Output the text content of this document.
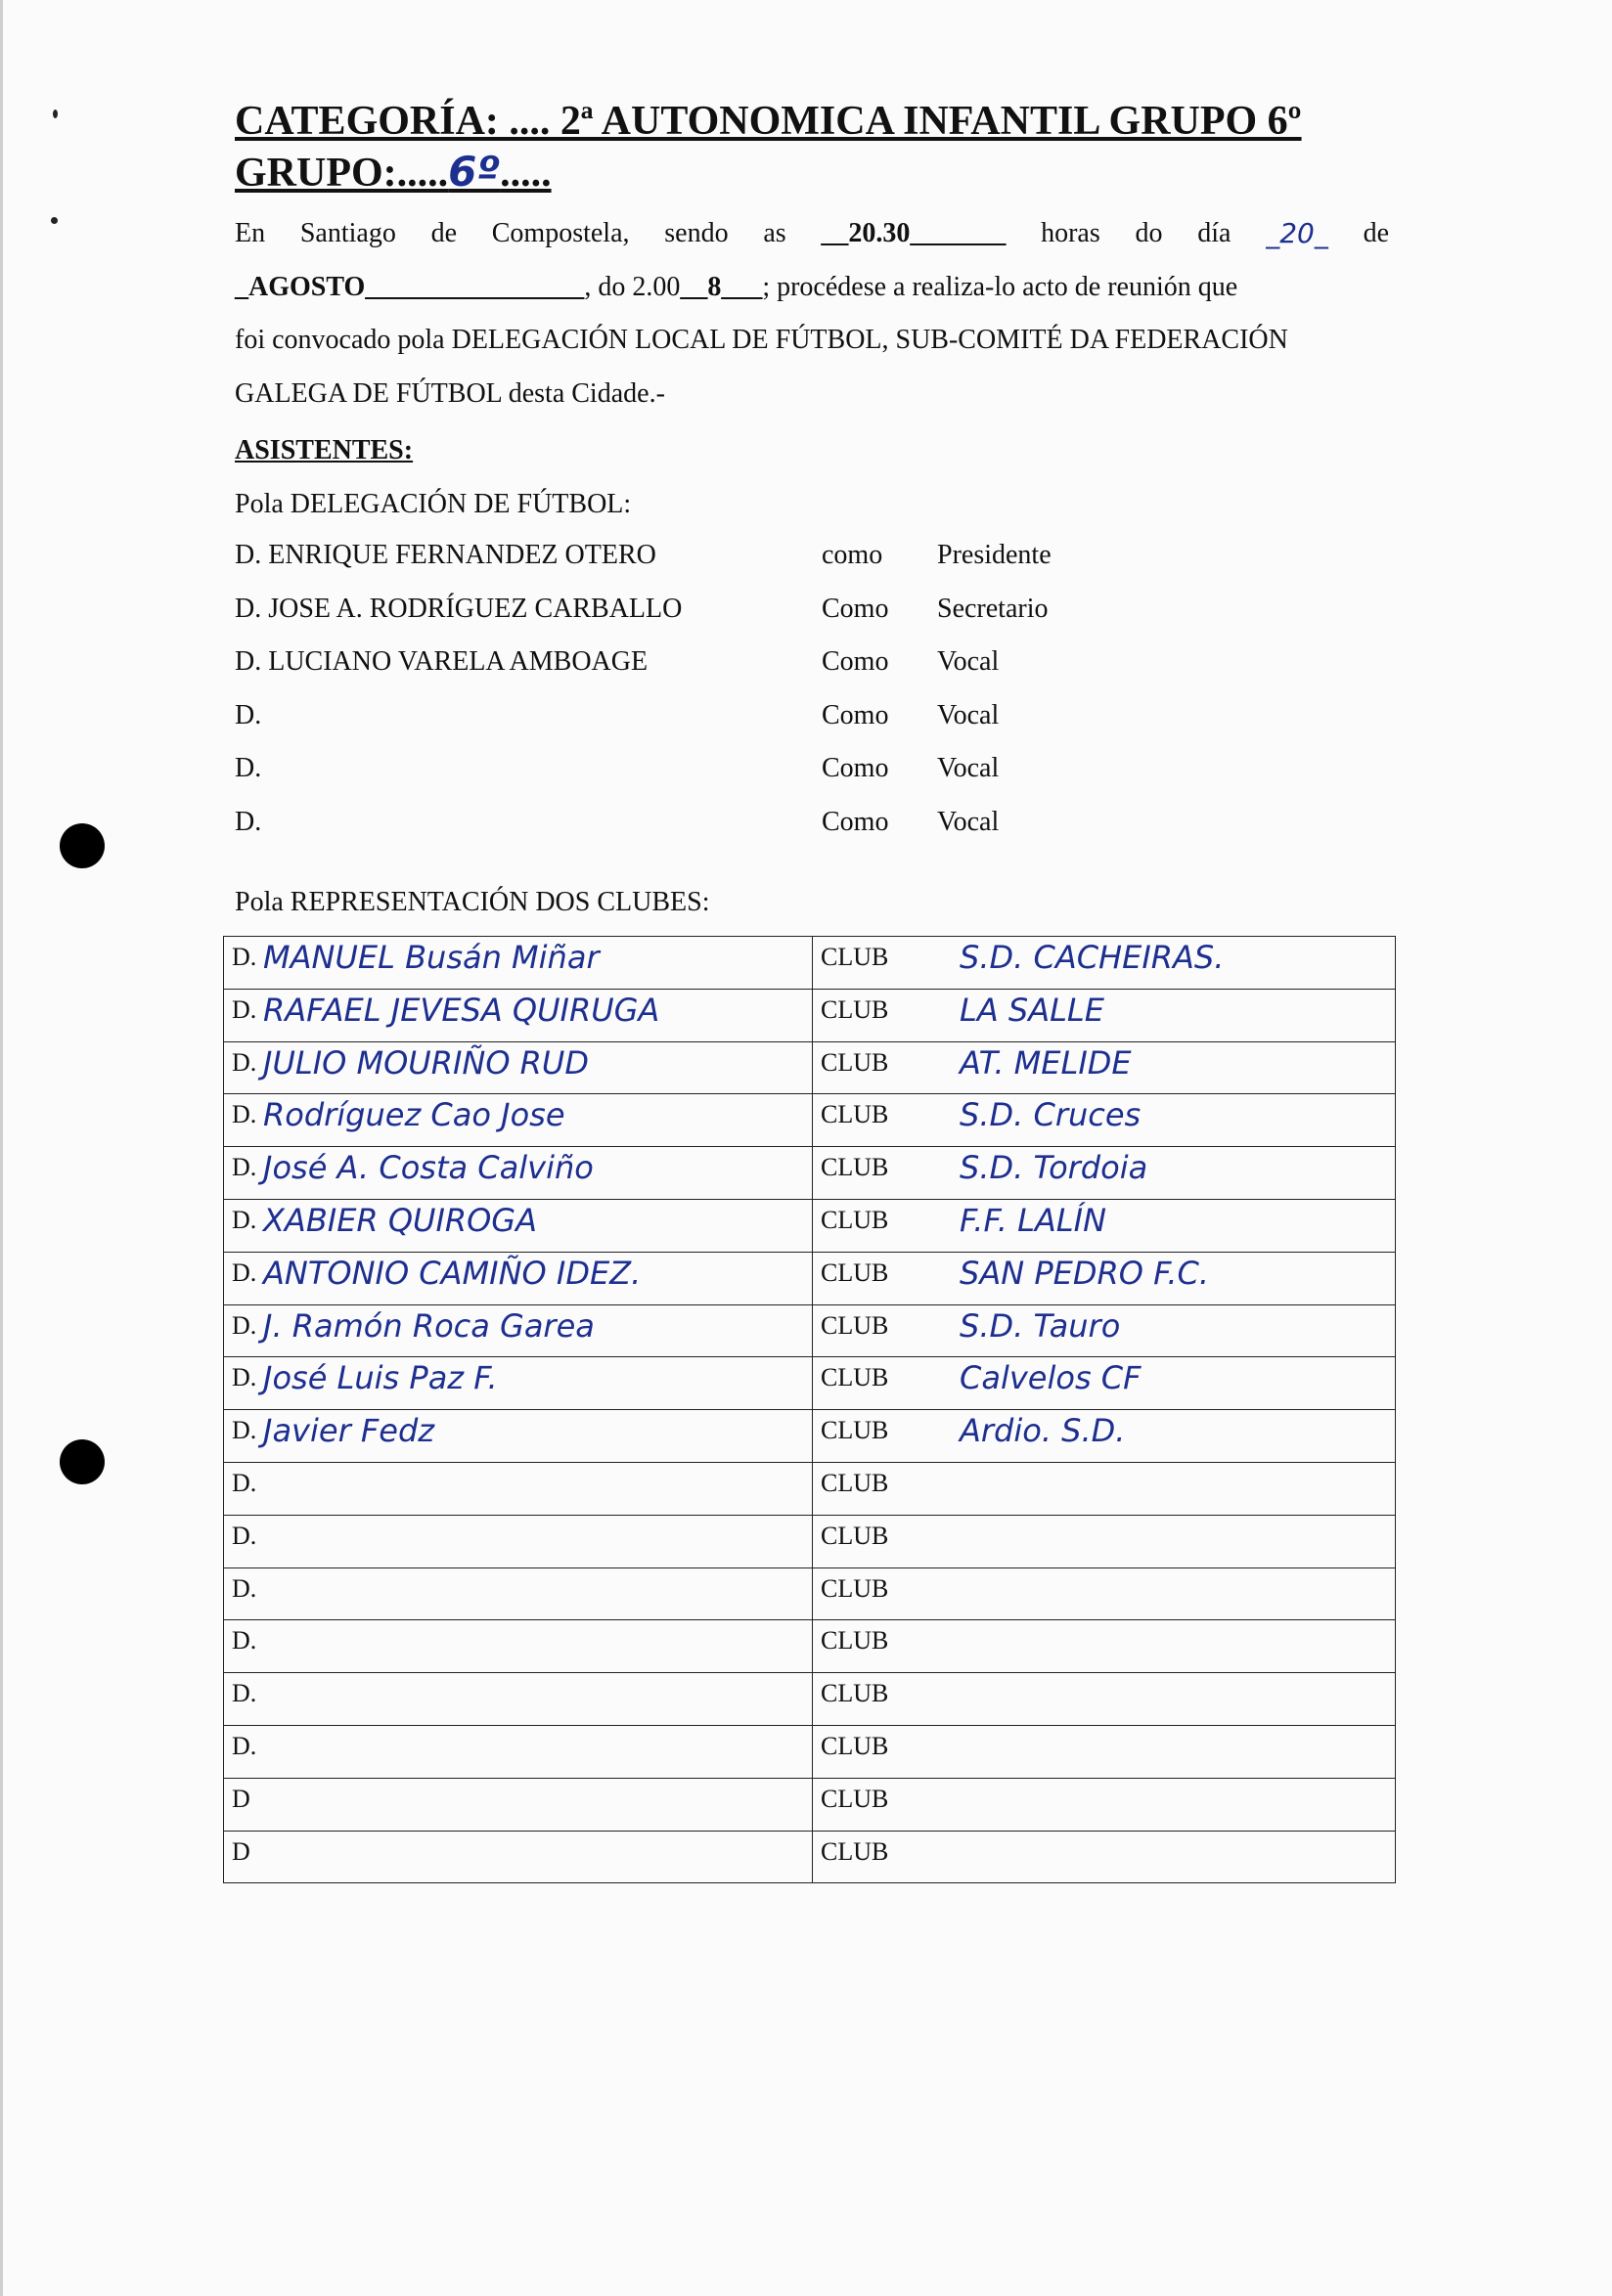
CATEGORÍA: .... 2ª AUTONOMICA INFANTIL GRUPO 6º
GRUPO:.....6º.....
En Santiago de Compostela, sendo as __20.30_______ horas do día _20_ de
_AGOSTO________________, do 2.00__8___; procédese a realiza-lo acto de reunión que
foi convocado pola DELEGACIÓN LOCAL DE FÚTBOL, SUB-COMITÉ DA FEDERACIÓN
GALEGA DE FÚTBOL desta Cidade.-
ASISTENTES:
Pola DELEGACIÓN DE FÚTBOL:
D. ENRIQUE FERNANDEZ OTERO	como Presidente
D. JOSE A. RODRÍGUEZ CARBALLO	Como Secretario
D. LUCIANO VARELA AMBOAGE	Como Vocal
D.	Como Vocal
D.	Como Vocal
D.	Como Vocal
Pola REPRESENTACIÓN DOS CLUBES:
D. MANUEL Busán Miñar	CLUB S.D. CACHEIRAS.

D. RAFAEL JEVESA QUIRUGA	CLUB LA SALLE

D. JULIO MOURIÑO RUD	CLUB AT. MELIDE

D. Rodríguez Cao Jose	CLUB S.D. Cruces

D. José A. Costa Calviño	CLUB S.D. Tordoia

D. XABIER QUIROGA	CLUB F.F. LALÍN

D. ANTONIO CAMIÑO IDEZ.	CLUB SAN PEDRO F.C.

D. J. Ramón Roca Garea	CLUB S.D. Tauro

D. José Luis Paz F.	CLUB Calvelos CF

D. Javier Fedz	CLUB Ardio. S.D.

D.	CLUB

D.	CLUB

D.	CLUB

D.	CLUB

D.	CLUB

D.	CLUB

D	CLUB

D	CLUB
